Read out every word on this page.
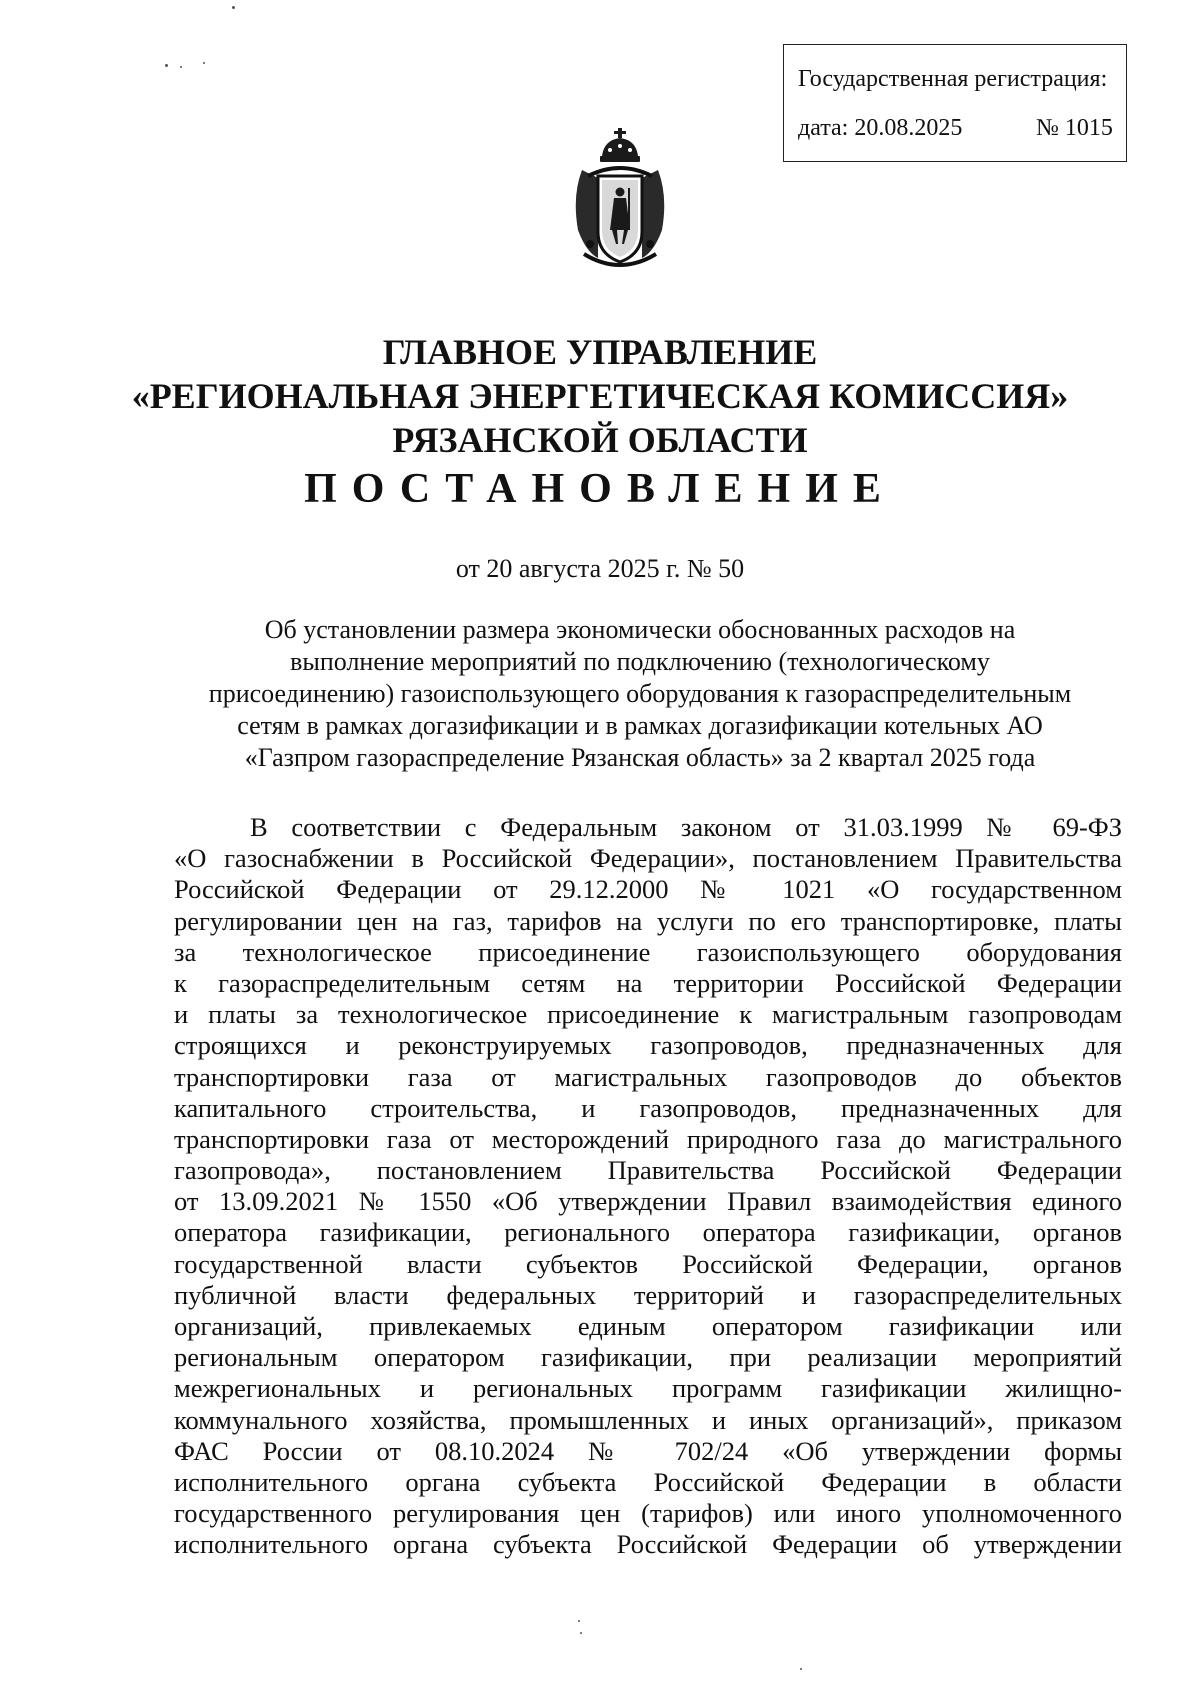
Государственная регистрация:
дата: 20.08.2025	№ 1015
ГЛАВНОЕ УПРАВЛЕНИЕ
«РЕГИОНАЛЬНАЯ ЭНЕРГЕТИЧЕСКАЯ КОМИССИЯ»
РЯЗАНСКОЙ ОБЛАСТИ
ПОСТАНОВЛЕНИЕ
от 20 августа 2025 г. № 50
Об установлении размера экономически обоснованных расходов на
выполнение мероприятий по подключению (технологическому
присоединению) газоиспользующего оборудования к газораспределительным
сетям в рамках догазификации и в рамках догазификации котельных АО
«Газпром газораспределение Рязанская область» за 2 квартал 2025 года
В соответствии с Федеральным законом от 31.03.1999 № 69-ФЗ
«О газоснабжении в Российской Федерации», постановлением Правительства
Российской Федерации от 29.12.2000 № 1021 «О государственном
регулировании цен на газ, тарифов на услуги по его транспортировке, платы
за технологическое присоединение газоиспользующего оборудования
к газораспределительным сетям на территории Российской Федерации
и платы за технологическое присоединение к магистральным газопроводам
строящихся и реконструируемых газопроводов, предназначенных для
транспортировки газа от магистральных газопроводов до объектов
капитального строительства, и газопроводов, предназначенных для
транспортировки газа от месторождений природного газа до магистрального
газопровода», постановлением Правительства Российской Федерации
от 13.09.2021 № 1550 «Об утверждении Правил взаимодействия единого
оператора газификации, регионального оператора газификации, органов
государственной власти субъектов Российской Федерации, органов
публичной власти федеральных территорий и газораспределительных
организаций, привлекаемых единым оператором газификации или
региональным оператором газификации, при реализации мероприятий
межрегиональных и региональных программ газификации жилищно-
коммунального хозяйства, промышленных и иных организаций», приказом
ФАС России от 08.10.2024 № 702/24 «Об утверждении формы
исполнительного органа субъекта Российской Федерации в области
государственного регулирования цен (тарифов) или иного уполномоченного
исполнительного органа субъекта Российской Федерации об утверждении
